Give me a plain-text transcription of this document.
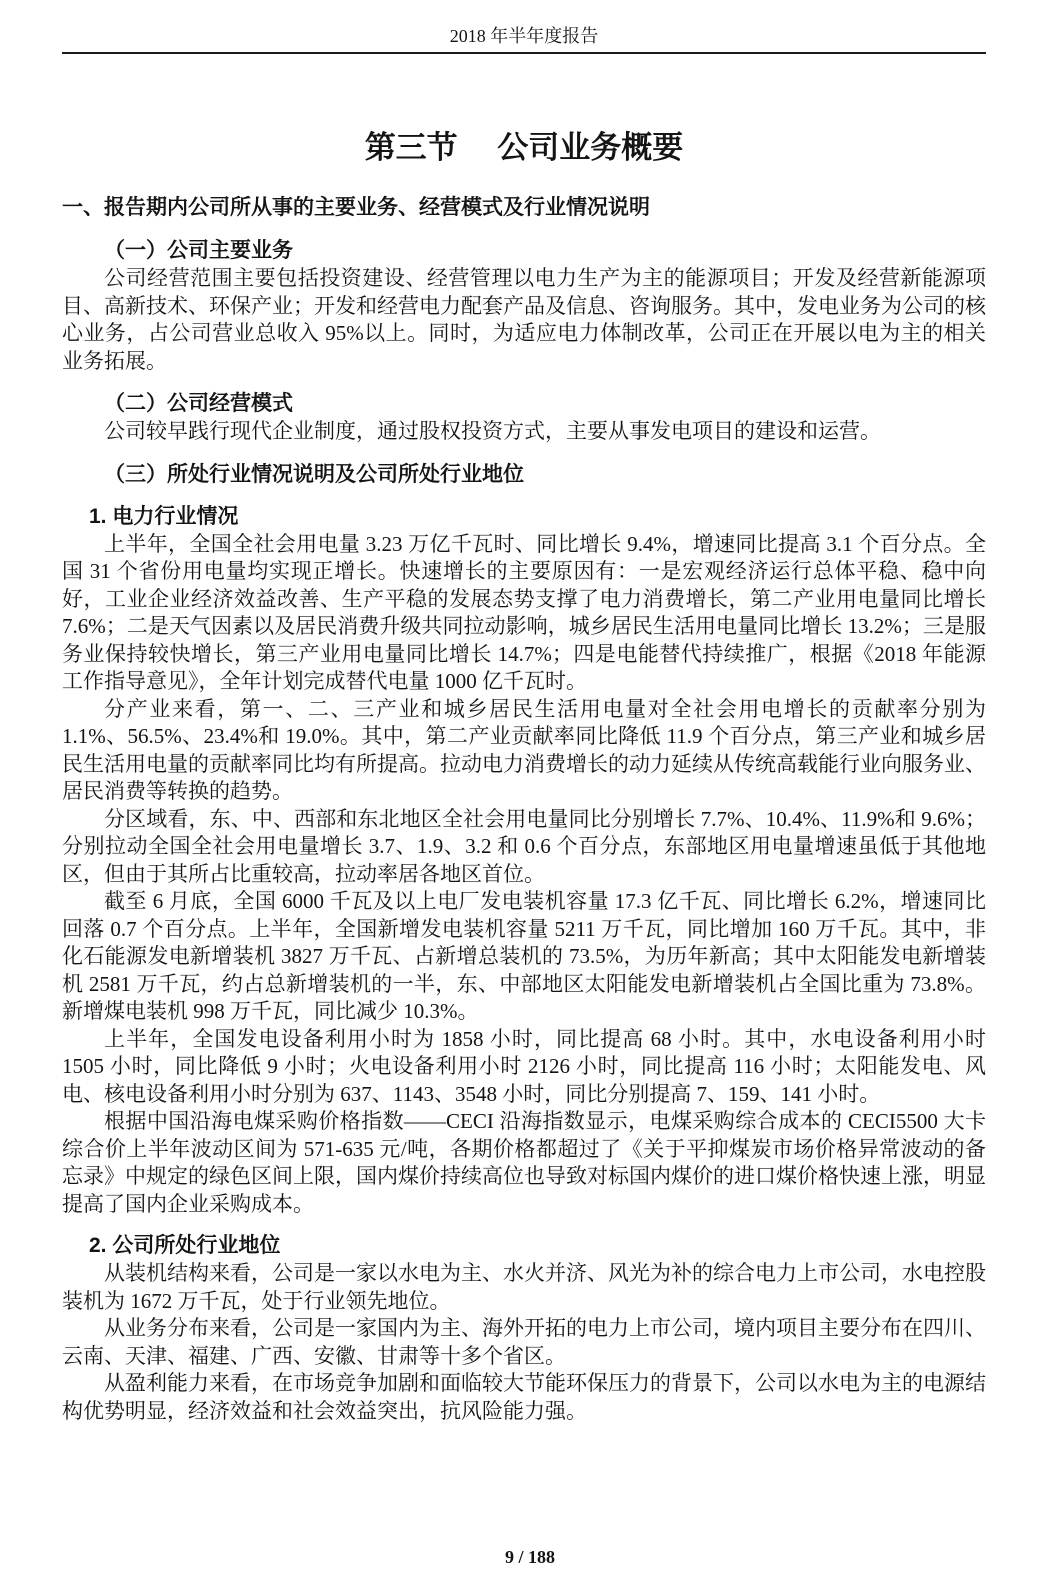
2018 年半年度报告
第三节　 公司业务概要
一、报告期内公司所从事的主要业务、经营模式及行业情况说明
（一）公司主要业务

公司经营范围主要包括投资建设、经营管理以电力生产为主的能源项目；开发及经营新能源项目、高新技术、环保产业；开发和经营电力配套产品及信息、咨询服务。其中，发电业务为公司的核心业务，占公司营业总收入 95%以上。同时，为适应电力体制改革，公司正在开展以电为主的相关业务拓展。

（二）公司经营模式

公司较早践行现代企业制度，通过股权投资方式，主要从事发电项目的建设和运营。

（三）所处行业情况说明及公司所处行业地位
1. 电力行业情况

上半年，全国全社会用电量 3.23 万亿千瓦时、同比增长 9.4%，增速同比提高 3.1 个百分点。全国 31 个省份用电量均实现正增长。快速增长的主要原因有：一是宏观经济运行总体平稳、稳中向好，工业企业经济效益改善、生产平稳的发展态势支撑了电力消费增长，第二产业用电量同比增长 7.6%；二是天气因素以及居民消费升级共同拉动影响，城乡居民生活用电量同比增长 13.2%；三是服务业保持较快增长，第三产业用电量同比增长 14.7%；四是电能替代持续推广，根据《2018 年能源工作指导意见》，全年计划完成替代电量 1000 亿千瓦时。

分产业来看，第一、二、三产业和城乡居民生活用电量对全社会用电增长的贡献率分别为 1.1%、56.5%、23.4%和 19.0%。其中，第二产业贡献率同比降低 11.9 个百分点，第三产业和城乡居民生活用电量的贡献率同比均有所提高。拉动电力消费增长的动力延续从传统高载能行业向服务业、居民消费等转换的趋势。

分区域看，东、中、西部和东北地区全社会用电量同比分别增长 7.7%、10.4%、11.9%和 9.6%；分别拉动全国全社会用电量增长 3.7、1.9、3.2 和 0.6 个百分点，东部地区用电量增速虽低于其他地区，但由于其所占比重较高，拉动率居各地区首位。

截至 6 月底，全国 6000 千瓦及以上电厂发电装机容量 17.3 亿千瓦、同比增长 6.2%，增速同比回落 0.7 个百分点。上半年，全国新增发电装机容量 5211 万千瓦，同比增加 160 万千瓦。其中，非化石能源发电新增装机 3827 万千瓦、占新增总装机的 73.5%，为历年新高；其中太阳能发电新增装机 2581 万千瓦，约占总新增装机的一半，东、中部地区太阳能发电新增装机占全国比重为 73.8%。新增煤电装机 998 万千瓦，同比减少 10.3%。

上半年，全国发电设备利用小时为 1858 小时，同比提高 68 小时。其中，水电设备利用小时 1505 小时，同比降低 9 小时；火电设备利用小时 2126 小时，同比提高 116 小时；太阳能发电、风电、核电设备利用小时分别为 637、1143、3548 小时，同比分别提高 7、159、141 小时。

根据中国沿海电煤采购价格指数——CECI 沿海指数显示，电煤采购综合成本的 CECI5500 大卡综合价上半年波动区间为 571-635 元/吨，各期价格都超过了《关于平抑煤炭市场价格异常波动的备忘录》中规定的绿色区间上限，国内煤价持续高位也导致对标国内煤价的进口煤价格快速上涨，明显提高了国内企业采购成本。

2. 公司所处行业地位

从装机结构来看，公司是一家以水电为主、水火并济、风光为补的综合电力上市公司，水电控股装机为 1672 万千瓦，处于行业领先地位。

从业务分布来看，公司是一家国内为主、海外开拓的电力上市公司，境内项目主要分布在四川、云南、天津、福建、广西、安徽、甘肃等十多个省区。

从盈利能力来看，在市场竞争加剧和面临较大节能环保压力的背景下，公司以水电为主的电源结构优势明显，经济效益和社会效益突出，抗风险能力强。

9 / 188
